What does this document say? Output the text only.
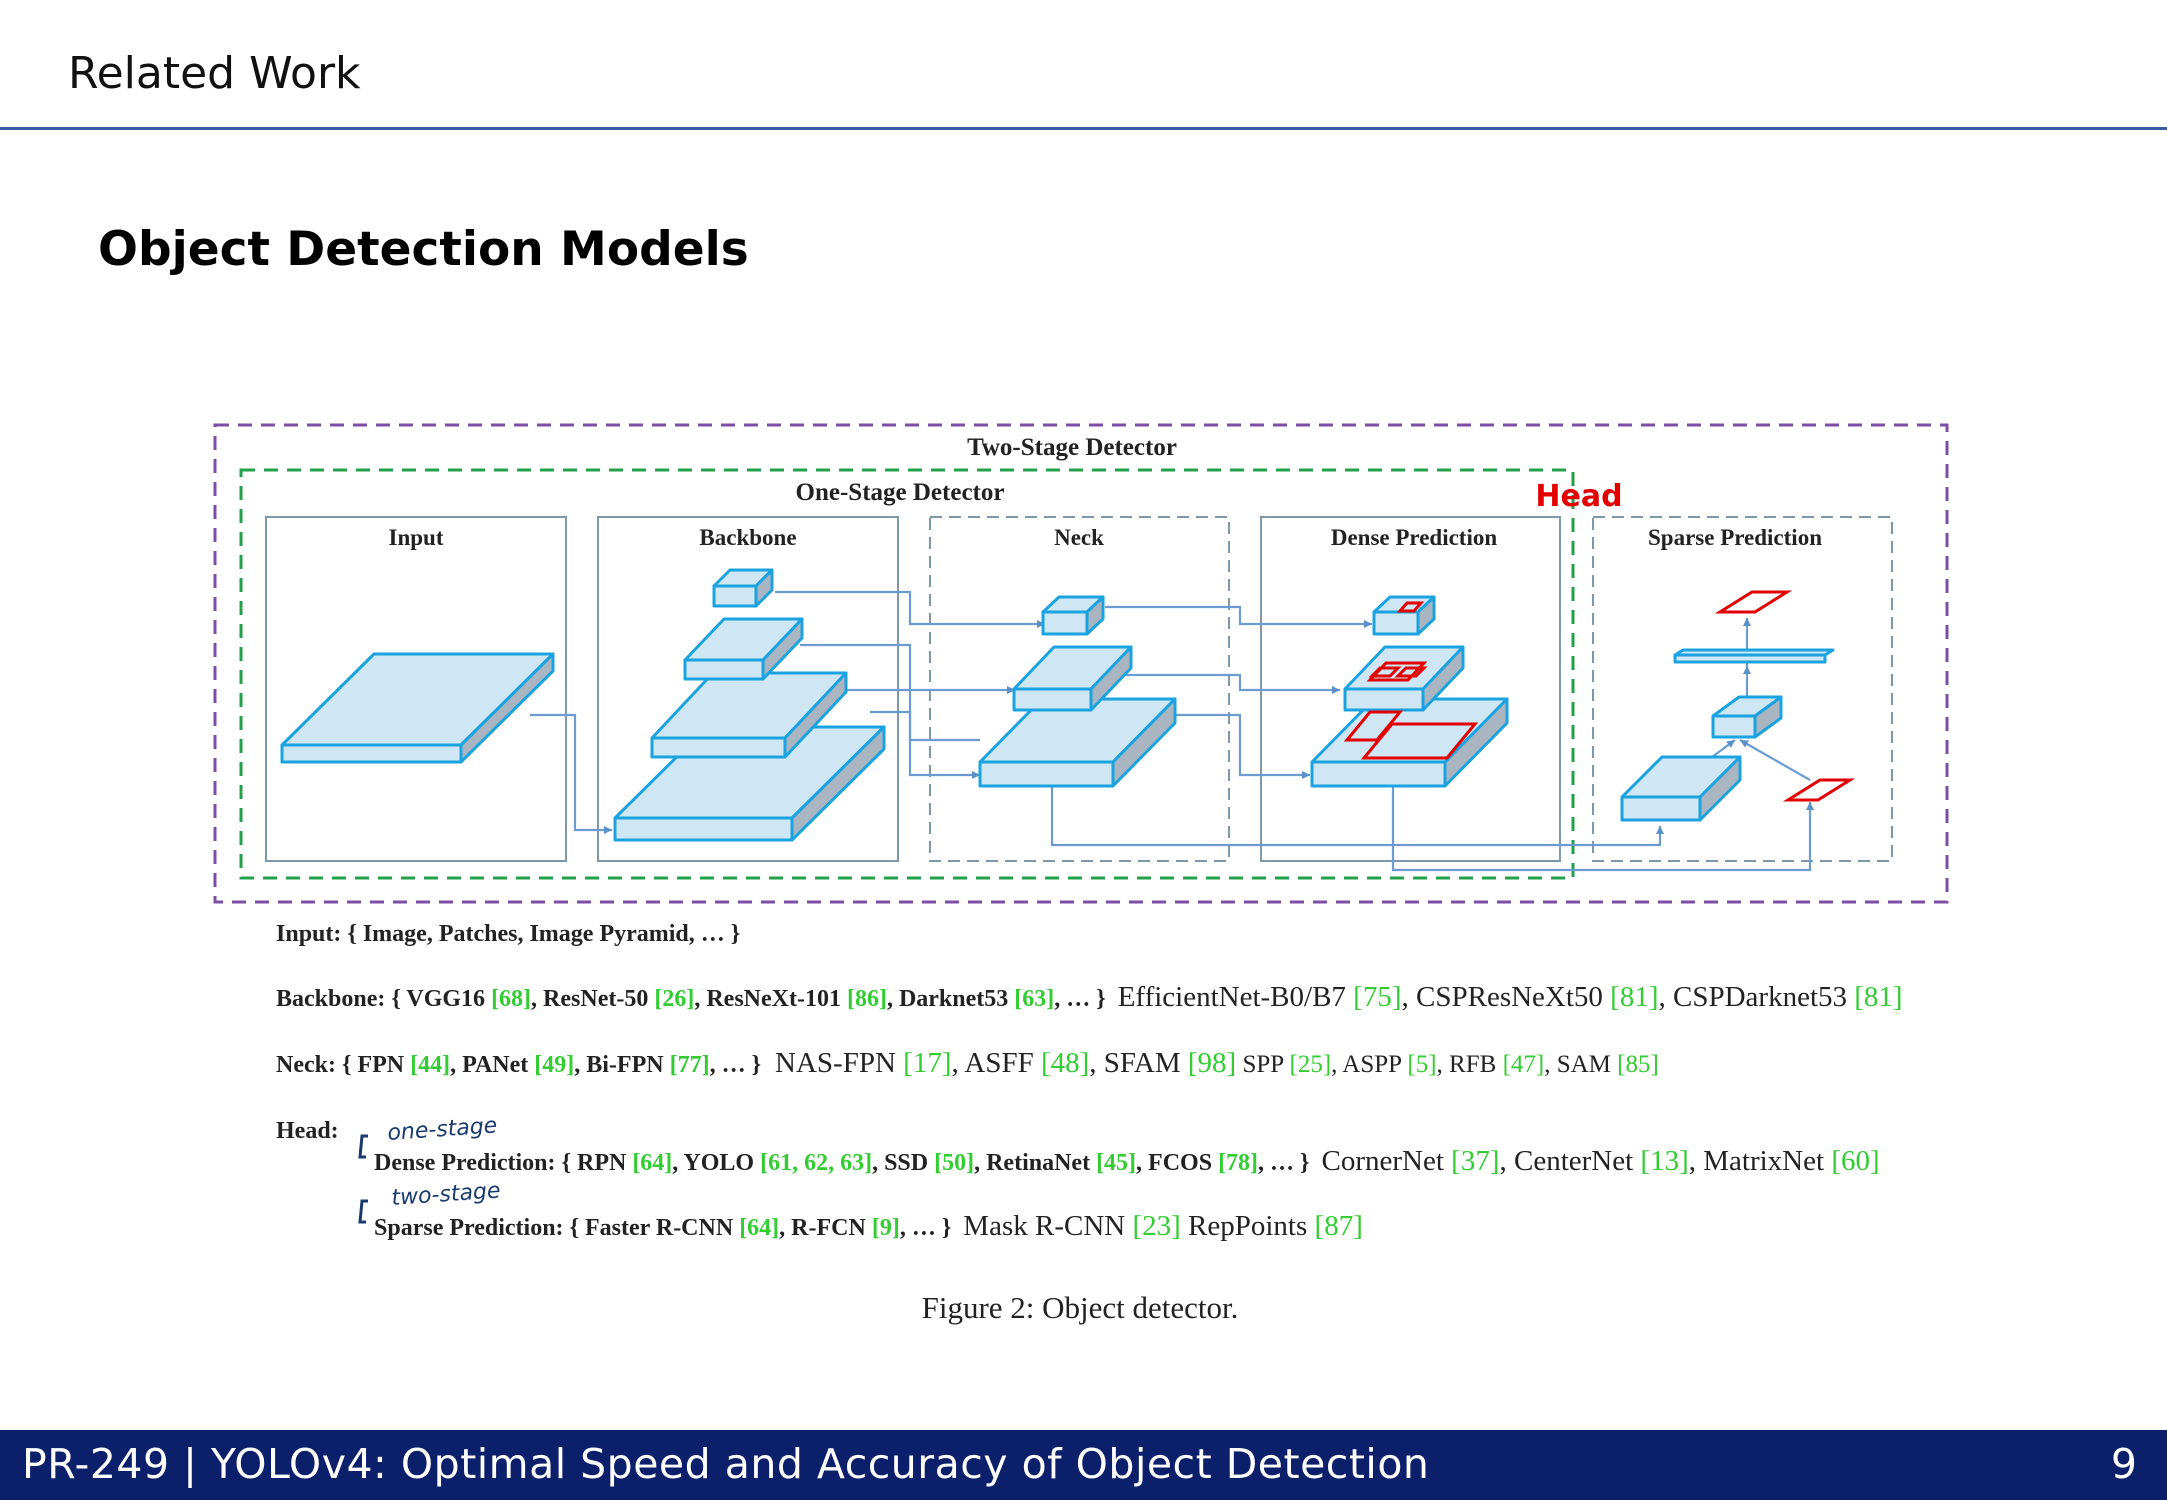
Related Work
Object Detection Models
Two-Stage Detector
One-Stage Detector	Head
Input	Backbone	Neck	Dense Prediction	Sparse Prediction
Input: { Image, Patches, Image Pyramid, … }
Backbone: { VGG16 [68], ResNet-50 [26], ResNeXt-101 [86], Darknet53 [63], … } EfficientNet-B0/B7 [75], CSPResNeXt50 [81], CSPDarknet53 [81]
Neck: { FPN [44], PANet [49], Bi-FPN [77], … } NAS-FPN [17], ASFF [48], SFAM [98] SPP [25], ASPP [5], RFB [47], SAM [85]
Head: one-stage
two-stage
Dense Prediction: { RPN [64], YOLO [61, 62, 63], SSD [50], RetinaNet [45], FCOS [78], … } CornerNet [37], CenterNet [13], MatrixNet [60]
Sparse Prediction: { Faster R-CNN [64], R-FCN [9], … } Mask R-CNN [23] RepPoints [87]
Figure 2: Object detector.
PR-249 | YOLOv4: Optimal Speed and Accuracy of Object Detection	9
